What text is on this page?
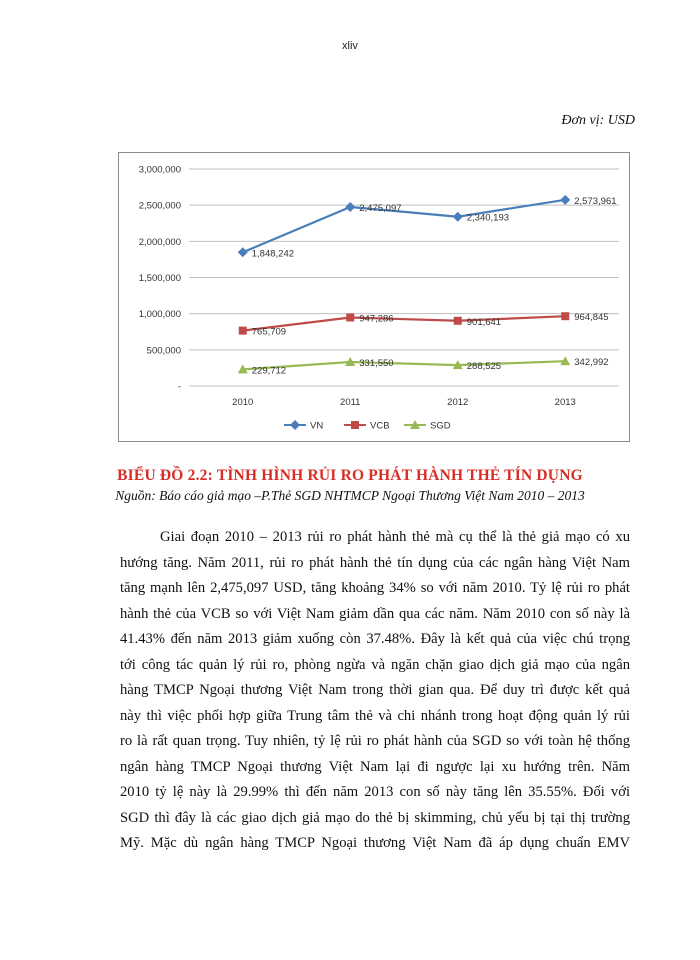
xliv
Đơn vị: USD
-
500,000
1,000,000
1,500,000
2,000,000
2,500,000
3,000,000
2010	2011	2012	2013
1,848,242
2,475,097
2,340,193
2,573,961
765,709
947,286	901,641	964,845
229,712
331,550	288,525	342,992
VN	VCB	SGD
BIỂU ĐỒ 2.2: TÌNH HÌNH RỦI RO PHÁT HÀNH THẺ TÍN DỤNG
Nguồn: Báo cáo giả mạo –P.Thẻ SGD NHTMCP Ngoại Thương Việt Nam 2010 – 2013
Giai đoạn 2010 – 2013 rủi ro phát hành thẻ mà cụ thể là thẻ giả mạo có xu
hướng tăng. Năm 2011, rủi ro phát hành thẻ tín dụng của các ngân hàng Việt Nam
tăng mạnh lên 2,475,097 USD, tăng khoảng 34% so với năm 2010. Tỷ lệ rủi ro phát
hành thẻ của VCB so với Việt Nam giảm dần qua các năm. Năm 2010 con số này là
41.43% đến năm 2013 giảm xuống còn 37.48%. Đây là kết quả của việc chú trọng
tới công tác quản lý rủi ro, phòng ngừa và ngăn chặn giao dịch giả mạo của ngân
hàng TMCP Ngoại thương Việt Nam trong thời gian qua. Để duy trì được kết quả
này thì việc phối hợp giữa Trung tâm thẻ và chi nhánh trong hoạt động quản lý rủi
ro là rất quan trọng. Tuy nhiên, tỷ lệ rủi ro phát hành của SGD so với toàn hệ thống
ngân hàng TMCP Ngoại thương Việt Nam lại đi ngược lại xu hướng trên. Năm
2010 tỷ lệ này là 29.99% thì đến năm 2013 con số này tăng lên 35.55%. Đối với
SGD thì đây là các giao dịch giả mạo do thẻ bị skimming, chủ yếu bị tại thị trường
Mỹ. Mặc dù ngân hàng TMCP Ngoại thương Việt Nam đã áp dụng chuẩn EMV
